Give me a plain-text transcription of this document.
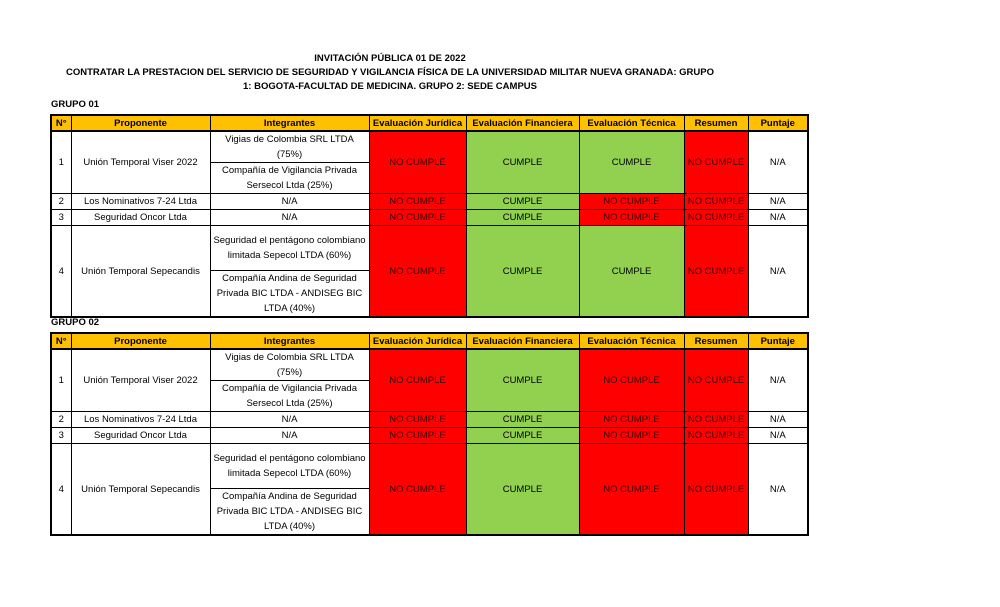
INVITACIÓN PÚBLICA 01 DE 2022
CONTRATAR LA PRESTACION DEL SERVICIO DE SEGURIDAD Y VIGILANCIA FÍSICA DE LA UNIVERSIDAD MILITAR NUEVA GRANADA: GRUPO
1: BOGOTA-FACULTAD DE MEDICINA. GRUPO 2: SEDE CAMPUS
GRUPO 01
N°	Proponente	Integrantes	Evaluación Jurídica	Evaluación Financiera	Evaluación Técnica	Resumen	Puntaje
1	Unión Temporal Viser 2022	Vigias de Colombia SRL LTDA (75%)	NO CUMPLE	CUMPLE	CUMPLE	NO CUMPLE	N/A
		Compañía de Vigilancia Privada Sersecol Ltda (25%)					
2	Los Nominativos 7-24 Ltda	N/A	NO CUMPLE	CUMPLE	NO CUMPLE	NO CUMPLE	N/A
3	Seguridad Oncor Ltda	N/A	NO CUMPLE	CUMPLE	NO CUMPLE	NO CUMPLE	N/A
4	Unión Temporal Sepecandis	Seguridad el pentágono colombiano limitada Sepecol LTDA (60%)	NO CUMPLE	CUMPLE	CUMPLE	NO CUMPLE	N/A
		Compañía Andina de Seguridad Privada BIC LTDA - ANDISEG BIC LTDA (40%)					
GRUPO 02
N°	Proponente	Integrantes	Evaluación Jurídica	Evaluación Financiera	Evaluación Técnica	Resumen	Puntaje
1	Unión Temporal Viser 2022	Vigias de Colombia SRL LTDA (75%)	NO CUMPLE	CUMPLE	NO CUMPLE	NO CUMPLE	N/A
		Compañía de Vigilancia Privada Sersecol Ltda (25%)					
2	Los Nominativos 7-24 Ltda	N/A	NO CUMPLE	CUMPLE	NO CUMPLE	NO CUMPLE	N/A
3	Seguridad Oncor Ltda	N/A	NO CUMPLE	CUMPLE	NO CUMPLE	NO CUMPLE	N/A
4	Unión Temporal Sepecandis	Seguridad el pentágono colombiano limitada Sepecol LTDA (60%)	NO CUMPLE	CUMPLE	NO CUMPLE	NO CUMPLE	N/A
		Compañía Andina de Seguridad Privada BIC LTDA - ANDISEG BIC LTDA (40%)					
